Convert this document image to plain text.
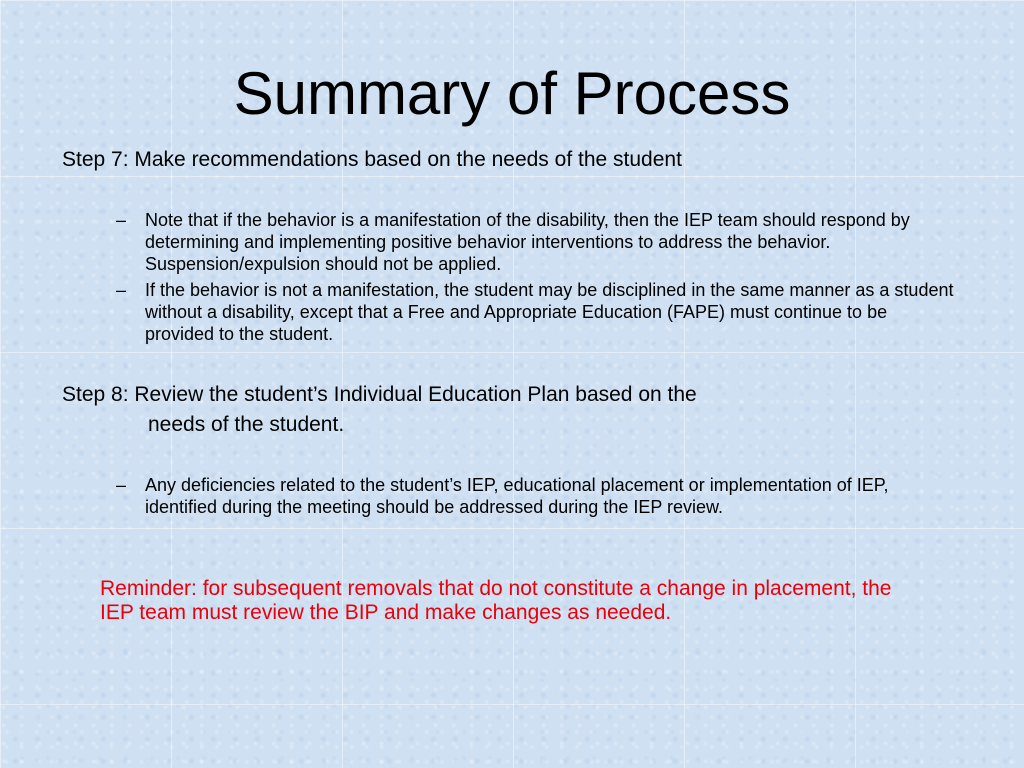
Summary of Process

Step 7: Make recommendations based on the needs of the student

– Note that if the behavior is a manifestation of the disability, then the IEP team should respond by determining and implementing positive behavior interventions to address the behavior. Suspension/expulsion should not be applied.
– If the behavior is not a manifestation, the student may be disciplined in the same manner as a student without a disability, except that a Free and Appropriate Education (FAPE) must continue to be provided to the student.

Step 8: Review the student’s Individual Education Plan based on the
needs of the student.

– Any deficiencies related to the student’s IEP, educational placement or implementation of IEP, identified during the meeting should be addressed during the IEP review.

Reminder: for subsequent removals that do not constitute a change in placement, the IEP team must review the BIP and make changes as needed.
